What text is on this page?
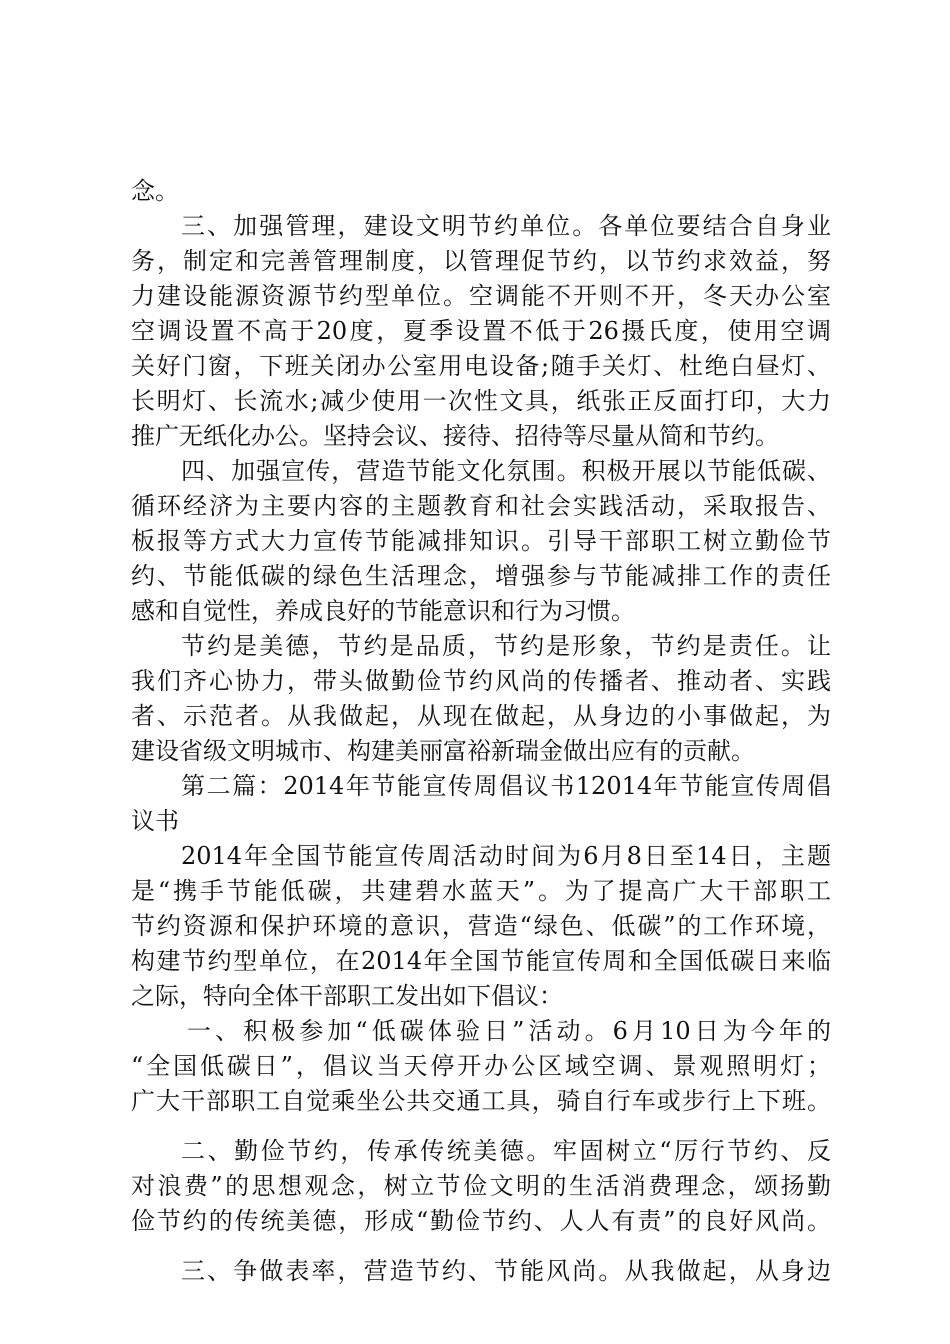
念。
三、加强管理，建设文明节约单位。各单位要结合自身业
务，制定和完善管理制度，以管理促节约，以节约求效益，努
力建设能源资源节约型单位。空调能不开则不开，冬天办公室
空调设置不高于20度，夏季设置不低于26摄氏度，使用空调
关好门窗，下班关闭办公室用电设备;随手关灯、杜绝白昼灯、
长明灯、长流水;减少使用一次性文具，纸张正反面打印，大力
推广无纸化办公。坚持会议、接待、招待等尽量从简和节约。
四、加强宣传，营造节能文化氛围。积极开展以节能低碳、
循环经济为主要内容的主题教育和社会实践活动，采取报告、
板报等方式大力宣传节能减排知识。引导干部职工树立勤俭节
约、节能低碳的绿色生活理念，增强参与节能减排工作的责任
感和自觉性，养成良好的节能意识和行为习惯。
节约是美德，节约是品质，节约是形象，节约是责任。让
我们齐心协力，带头做勤俭节约风尚的传播者、推动者、实践
者、示范者。从我做起，从现在做起，从身边的小事做起，为
建设省级文明城市、构建美丽富裕新瑞金做出应有的贡献。
第二篇：2014年节能宣传周倡议书12014年节能宣传周倡
议书
2014年全国节能宣传周活动时间为6月8日至14日，主题
是“携手节能低碳，共建碧水蓝天”。为了提高广大干部职工
节约资源和保护环境的意识，营造“绿色、低碳”的工作环境，
构建节约型单位，在2014年全国节能宣传周和全国低碳日来临
之际，特向全体干部职工发出如下倡议：
一、积极参加“低碳体验日”活动。6月10日为今年的
“全国低碳日”，倡议当天停开办公区域空调、景观照明灯；
广大干部职工自觉乘坐公共交通工具，骑自行车或步行上下班。
二、勤俭节约，传承传统美德。牢固树立“厉行节约、反
对浪费”的思想观念，树立节俭文明的生活消费理念，颂扬勤
俭节约的传统美德，形成“勤俭节约、人人有责”的良好风尚。
三、争做表率，营造节约、节能风尚。从我做起，从身边
